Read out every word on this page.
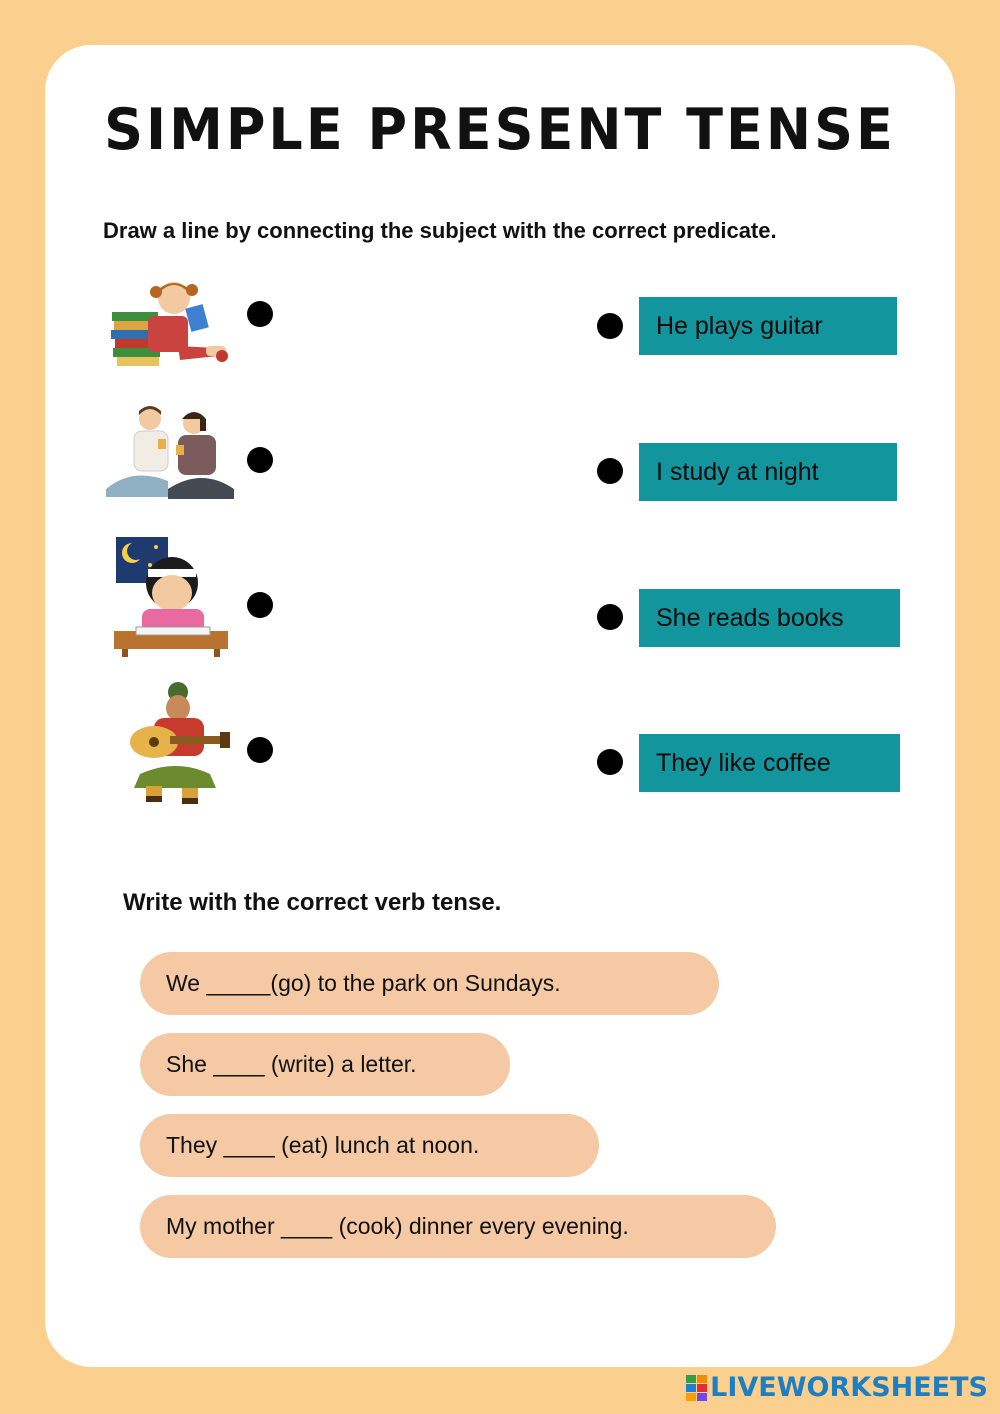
SIMPLE PRESENT TENSE

Draw a line by connecting the subject with the correct predicate.

He plays guitar
I study at night
She reads books
They like coffee

Write with the correct verb tense.

We _____(go) to the park on Sundays.
She ____ (write) a letter.
They ____ (eat) lunch at noon.
My mother ____ (cook) dinner every evening.
LIVEWORKSHEETS
